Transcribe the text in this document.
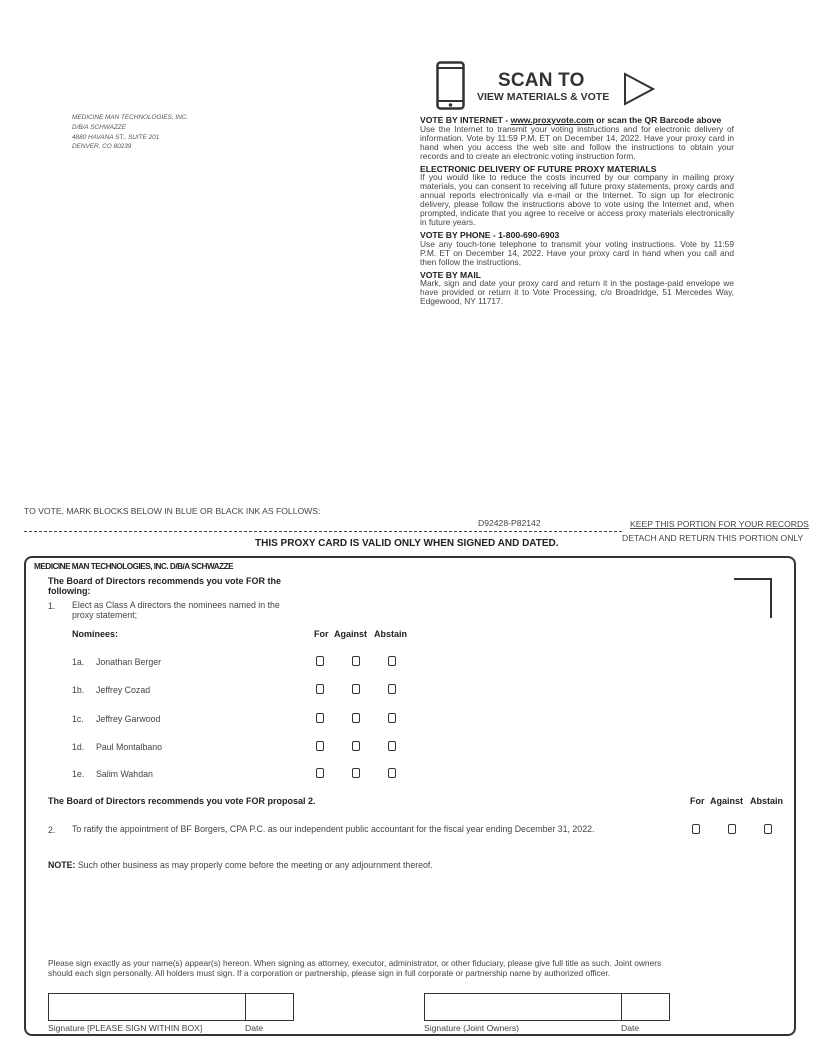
MEDICINE MAN TECHNOLOGIES, INC.
D/B/A SCHWAZZE
4880 HAVANA ST., SUITE 201
DENVER, CO 80239
SCAN TO
VIEW MATERIALS & VOTE
VOTE BY INTERNET - www.proxyvote.com or scan the QR Barcode above

Use the Internet to transmit your voting instructions and for electronic delivery of information. Vote by 11:59 P.M. ET on December 14, 2022. Have your proxy card in hand when you access the web site and follow the instructions to obtain your records and to create an electronic voting instruction form.

ELECTRONIC DELIVERY OF FUTURE PROXY MATERIALS

If you would like to reduce the costs incurred by our company in mailing proxy materials, you can consent to receiving all future proxy statements, proxy cards and annual reports electronically via e-mail or the Internet. To sign up for electronic delivery, please follow the instructions above to vote using the Internet and, when prompted, indicate that you agree to receive or access proxy materials electronically in future years.

VOTE BY PHONE - 1-800-690-6903

Use any touch-tone telephone to transmit your voting instructions. Vote by 11:59 P.M. ET on December 14, 2022. Have your proxy card in hand when you call and then follow the instructions.

VOTE BY MAIL

Mark, sign and date your proxy card and return it in the postage-paid envelope we have provided or return it to Vote Processing, c/o Broadridge, 51 Mercedes Way, Edgewood, NY 11717.

TO VOTE, MARK BLOCKS BELOW IN BLUE OR BLACK INK AS FOLLOWS:
D92428-P82142	KEEP THIS PORTION FOR YOUR RECORDS
DETACH AND RETURN THIS PORTION ONLY
THIS PROXY CARD IS VALID ONLY WHEN SIGNED AND DATED.
MEDICINE MAN TECHNOLOGIES, INC. D/B/A SCHWAZZE
The Board of Directors recommends you vote FOR the following:
1. Elect as Class A directors the nominees named in the proxy statement;
Nominees:	For Against Abstain
1a. Jonathan Berger
1b. Jeffrey Cozad
1c. Jeffrey Garwood
1d. Paul Montalbano
1e. Salim Wahdan
The Board of Directors recommends you vote FOR proposal 2.	For Against Abstain
2. To ratify the appointment of BF Borgers, CPA P.C. as our independent public accountant for the fiscal year ending December 31, 2022.
NOTE: Such other business as may properly come before the meeting or any adjournment thereof.
Please sign exactly as your name(s) appear(s) hereon. When signing as attorney, executor, administrator, or other fiduciary, please give full title as such. Joint owners should each sign personally. All holders must sign. If a corporation or partnership, please sign in full corporate or partnership name by authorized officer.
Signature [PLEASE SIGN WITHIN BOX]	Date	Signature (Joint Owners)	Date
